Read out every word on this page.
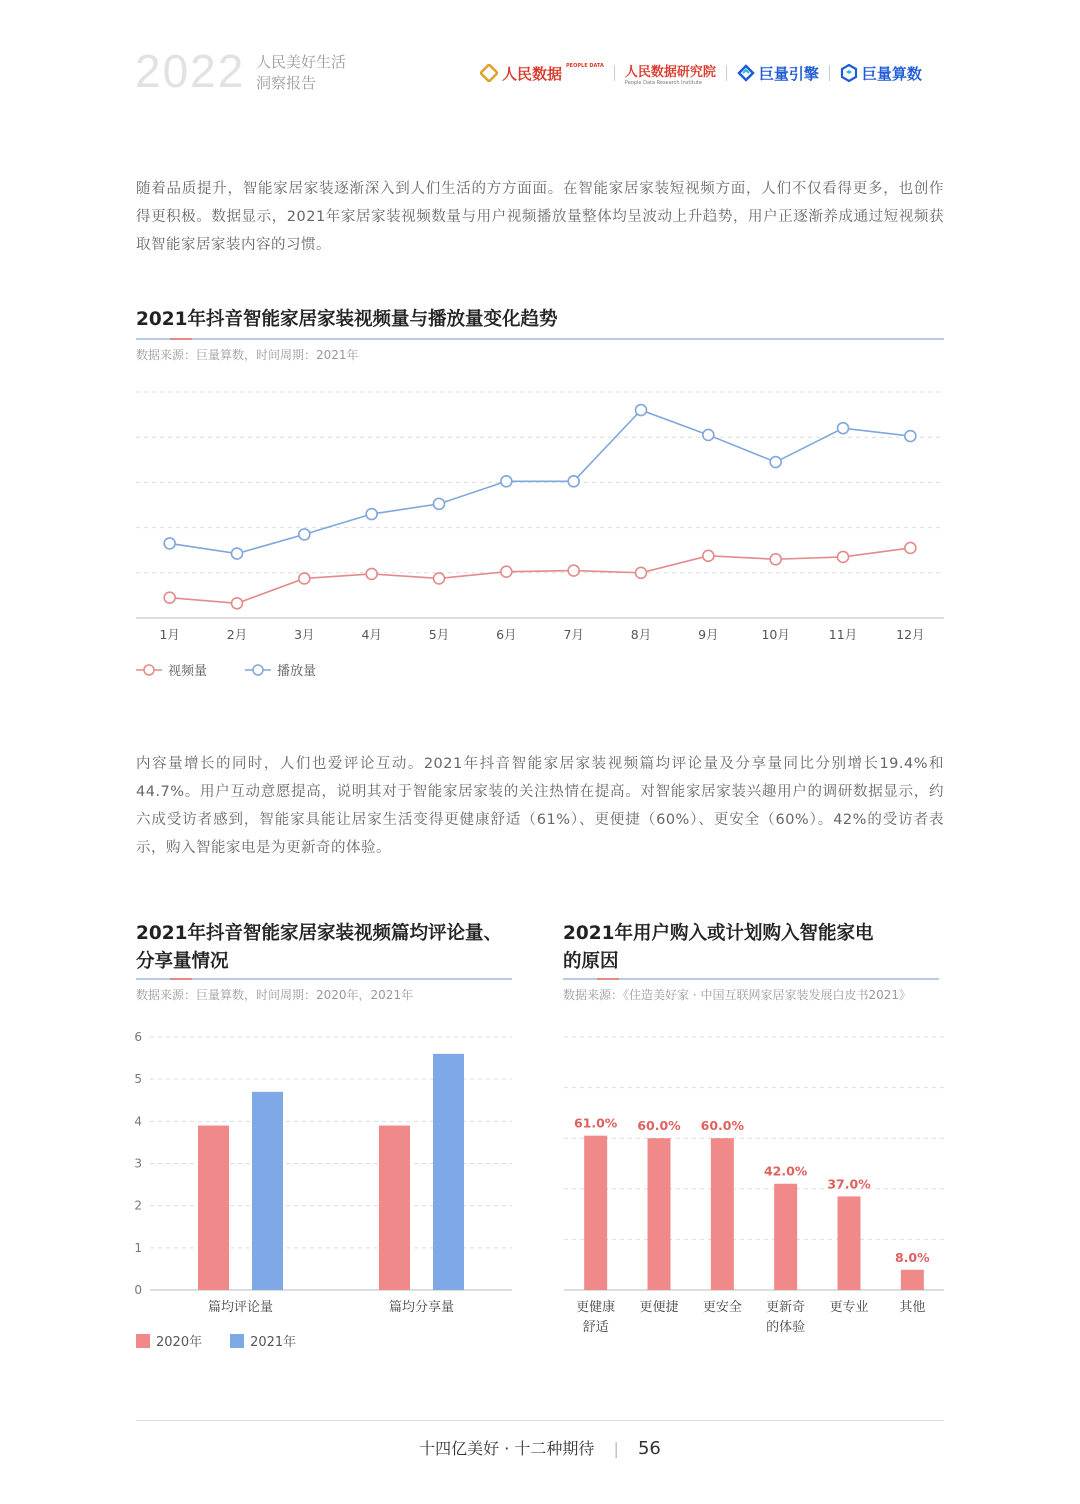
2022 人民美好生活
洞察报告
人民数据 PEOPLE DATA 人民数据研究院
People Data Research Institute	巨量引擎	巨量算数
随着品质提升，智能家居家装逐渐深入到人们生活的方方面面。在智能家居家装短视频方面，人们不仅看得更多，也创作得更积极。数据显示，2021年家居家装视频数量与用户视频播放量整体均呈波动上升趋势，用户正逐渐养成通过短视频获取智能家居家装内容的习惯。
2021年抖音智能家居家装视频量与播放量变化趋势
数据来源：巨量算数，时间周期：2021年
1月	2月	3月	4月	5月	6月	7月	8月	9月	10月	11月	12月
视频量	播放量
内容量增长的同时，人们也爱评论互动。2021年抖音智能家居家装视频篇均评论量及分享量同比分别增长19.4%和44.7%。用户互动意愿提高，说明其对于智能家居家装的关注热情在提高。对智能家居家装兴趣用户的调研数据显示，约六成受访者感到，智能家具能让居家生活变得更健康舒适（61%）、更便捷（60%）、更安全（60%）。42%的受访者表示，购入智能家电是为更新奇的体验。
2021年抖音智能家居家装视频篇均评论量、
分享量情况
数据来源：巨量算数，时间周期：2020年，2021年
2021年用户购入或计划购入智能家电
的原因
数据来源：《住造美好家 · 中国互联网家居家装发展白皮书2021》
0
1
2
3
4
5
6
篇均评论量	篇均分享量
2020年	2021年
61.0%
更健康舒适
60.0%
更便捷
60.0%
更安全
42.0%
更新奇的体验
37.0%
更专业
8.0%
其他
十四亿美好 · 十二种期待 | 56
